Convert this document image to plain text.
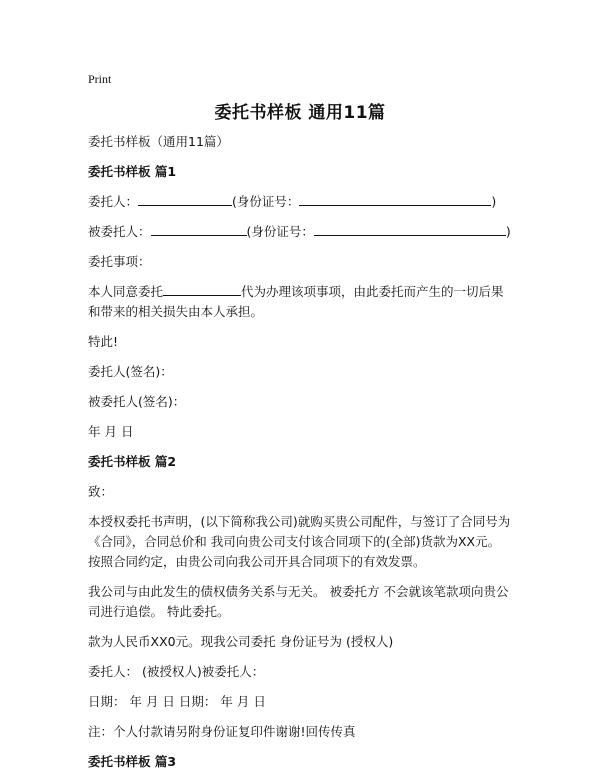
Print
委托书样板 通用11篇

委托书样板（通用11篇）

委托书样板 篇1

委托人：	(身份证号：	)

被委托人：	(身份证号：	)

委托事项：

本人同意委托	代为办理该项事项，由此委托而产生的一切后果和带来的相关损失由本人承担。

特此!

委托人(签名)：

被委托人(签名)：

年 月 日

委托书样板 篇2

致：

本授权委托书声明，(以下简称我公司)就购买贵公司配件，与签订了合同号为《合同》，合同总价和 我司向贵公司支付该合同项下的(全部)货款为XX元。按照合同约定，由贵公司向我公司开具合同项下的有效发票。

我公司与由此发生的债权债务关系与无关。 被委托方 不会就该笔款项向贵公司进行追偿。 特此委托。

款为人民币XX0元。现我公司委托 身份证号为 (授权人)

委托人： (被授权人)被委托人：

日期： 年 月 日 日期： 年 月 日

注：个人付款请另附身份证复印件谢谢!回传传真

委托书样板 篇3
